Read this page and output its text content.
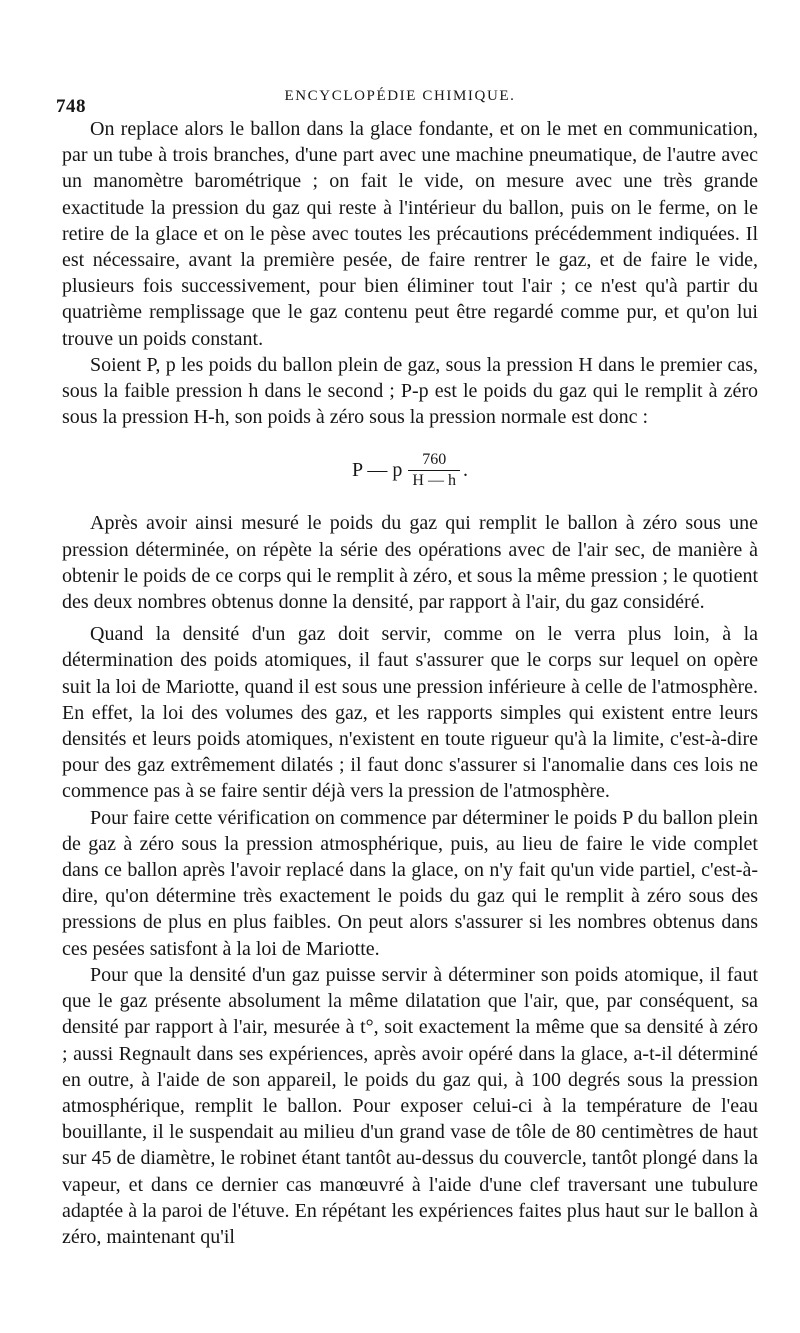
748	ENCYCLOPÉDIE CHIMIQUE.

On replace alors le ballon dans la glace fondante, et on le met en communication, par un tube à trois branches, d'une part avec une machine pneumatique, de l'autre avec un manomètre barométrique ; on fait le vide, on mesure avec une très grande exactitude la pression du gaz qui reste à l'intérieur du ballon, puis on le ferme, on le retire de la glace et on le pèse avec toutes les précautions précédemment indiquées. Il est nécessaire, avant la première pesée, de faire rentrer le gaz, et de faire le vide, plusieurs fois successivement, pour bien éliminer tout l'air ; ce n'est qu'à partir du quatrième remplissage que le gaz contenu peut être regardé comme pur, et qu'on lui trouve un poids constant.

Soient P, p les poids du ballon plein de gaz, sous la pression H dans le premier cas, sous la faible pression h dans le second ; P-p est le poids du gaz qui le remplit à zéro sous la pression H-h, son poids à zéro sous la pression normale est donc :

P — p $\frac{760}{H — h}$ .

Après avoir ainsi mesuré le poids du gaz qui remplit le ballon à zéro sous une pression déterminée, on répète la série des opérations avec de l'air sec, de manière à obtenir le poids de ce corps qui le remplit à zéro, et sous la même pression ; le quotient des deux nombres obtenus donne la densité, par rapport à l'air, du gaz considéré.

Quand la densité d'un gaz doit servir, comme on le verra plus loin, à la détermination des poids atomiques, il faut s'assurer que le corps sur lequel on opère suit la loi de Mariotte, quand il est sous une pression inférieure à celle de l'atmosphère. En effet, la loi des volumes des gaz, et les rapports simples qui existent entre leurs densités et leurs poids atomiques, n'existent en toute rigueur qu'à la limite, c'est-à-dire pour des gaz extrêmement dilatés ; il faut donc s'assurer si l'anomalie dans ces lois ne commence pas à se faire sentir déjà vers la pression de l'atmosphère.

Pour faire cette vérification on commence par déterminer le poids P du ballon plein de gaz à zéro sous la pression atmosphérique, puis, au lieu de faire le vide complet dans ce ballon après l'avoir replacé dans la glace, on n'y fait qu'un vide partiel, c'est-à-dire, qu'on détermine très exactement le poids du gaz qui le remplit à zéro sous des pressions de plus en plus faibles. On peut alors s'assurer si les nombres obtenus dans ces pesées satisfont à la loi de Mariotte.

Pour que la densité d'un gaz puisse servir à déterminer son poids atomique, il faut que le gaz présente absolument la même dilatation que l'air, que, par conséquent, sa densité par rapport à l'air, mesurée à t°, soit exactement la même que sa densité à zéro ; aussi Regnault dans ses expériences, après avoir opéré dans la glace, a-t-il déterminé en outre, à l'aide de son appareil, le poids du gaz qui, à 100 degrés sous la pression atmosphérique, remplit le ballon. Pour exposer celui-ci à la température de l'eau bouillante, il le suspendait au milieu d'un grand vase de tôle de 80 centimètres de haut sur 45 de diamètre, le robinet étant tantôt au-dessus du couvercle, tantôt plongé dans la vapeur, et dans ce dernier cas manœuvré à l'aide d'une clef traversant une tubulure adaptée à la paroi de l'étuve. En répétant les expériences faites plus haut sur le ballon à zéro, maintenant qu'il
